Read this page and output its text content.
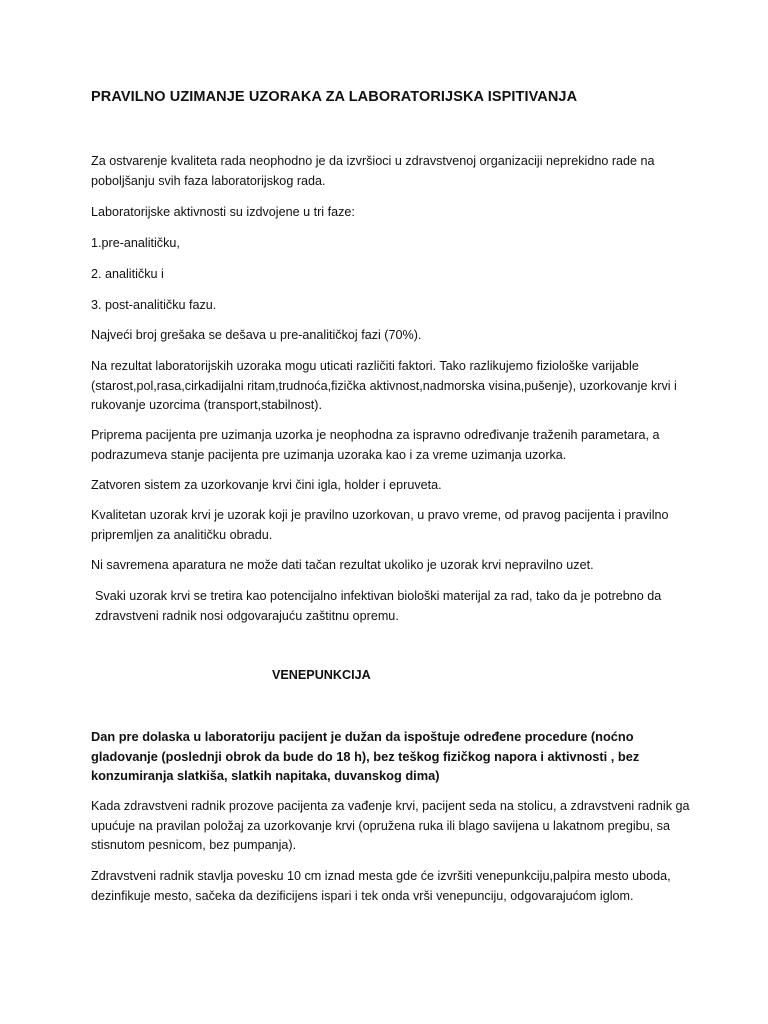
PRAVILNO UZIMANJE UZORAKA ZA LABORATORIJSKA ISPITIVANJA

Za ostvarenje kvaliteta rada neophodno je da izvršioci u zdravstvenoj organizaciji neprekidno rade na poboljšanju svih faza laboratorijskog rada.

Laboratorijske aktivnosti su izdvojene u tri faze:

1.pre-analitičku,

2. analitičku i

3. post-analitičku fazu.

Najveći broj grešaka se dešava u pre-analitičkoj fazi (70%).

Na rezultat laboratorijskih uzoraka mogu uticati različiti faktori. Tako razlikujemo fiziološke varijable (starost,pol,rasa,cirkadijalni ritam,trudnoća,fizička aktivnost,nadmorska visina,pušenje), uzorkovanje krvi i rukovanje uzorcima (transport,stabilnost).

Priprema pacijenta pre uzimanja uzorka je neophodna za ispravno određivanje traženih parametara, a podrazumeva stanje pacijenta pre uzimanja uzoraka kao i za vreme uzimanja uzorka.

Zatvoren sistem za uzorkovanje krvi čini igla, holder i epruveta.

Kvalitetan uzorak krvi je uzorak koji je pravilno uzorkovan, u pravo vreme, od pravog pacijenta i pravilno pripremljen za analitičku obradu.

Ni savremena aparatura ne može dati tačan rezultat ukoliko je uzorak krvi nepravilno uzet.

Svaki uzorak krvi se tretira kao potencijalno infektivan biološki materijal za rad, tako da je potrebno da zdravstveni radnik nosi odgovarajuću zaštitnu opremu.

VENEPUNKCIJA

Dan pre dolaska u laboratoriju pacijent je dužan da ispoštuje određene procedure (noćno gladovanje (poslednji obrok da bude do 18 h), bez teškog fizičkog napora i aktivnosti , bez konzumiranja slatkiša, slatkih napitaka, duvanskog dima)

Kada zdravstveni radnik prozove pacijenta za vađenje krvi, pacijent seda na stolicu, a zdravstveni radnik ga upućuje na pravilan položaj za uzorkovanje krvi (opružena ruka ili blago savijena u lakatnom pregibu, sa stisnutom pesnicom, bez pumpanja).

Zdravstveni radnik stavlja povesku 10 cm iznad mesta gde će izvršiti venepunkciju,palpira mesto uboda, dezinfikuje mesto, sačeka da dezificijens ispari i tek onda vrši venepunciju, odgovarajućom iglom.
